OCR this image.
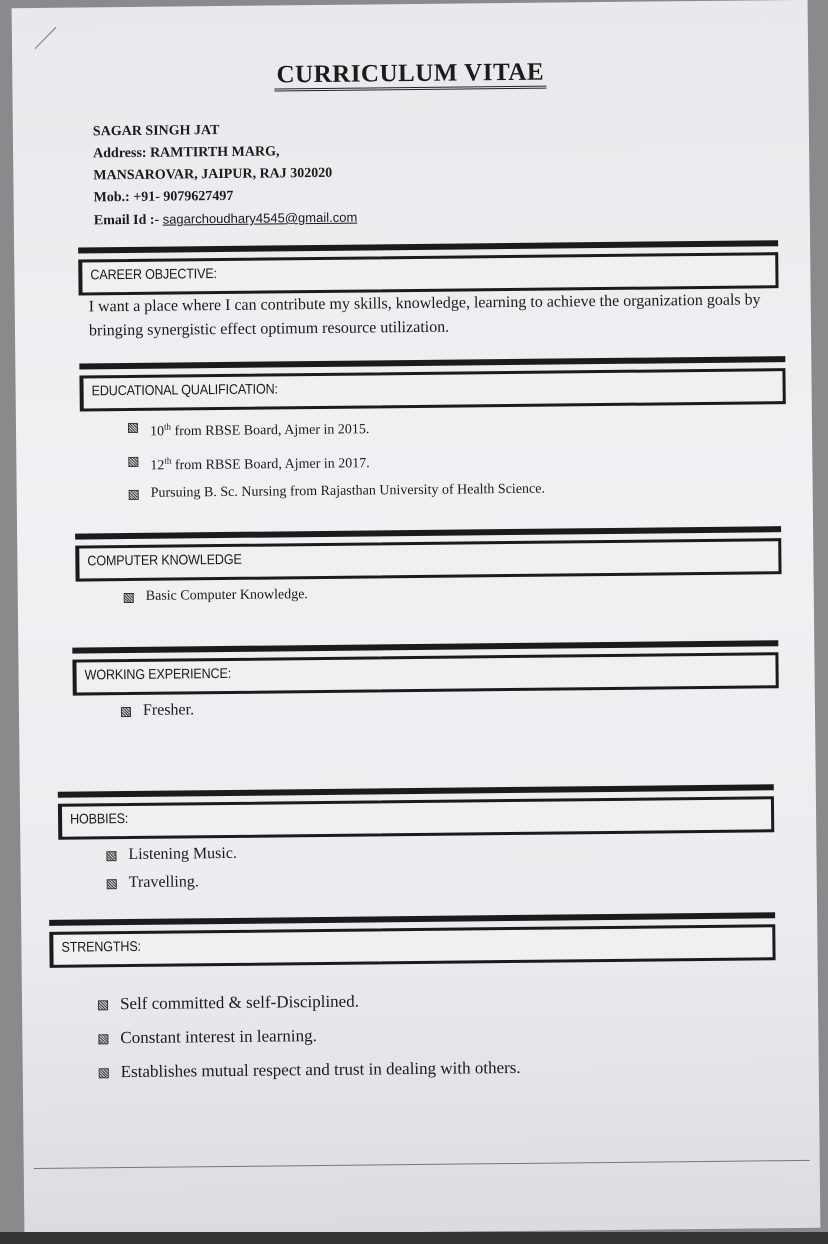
CURRICULUM VITAE
SAGAR SINGH JAT
Address: RAMTIRTH MARG,
MANSAROVAR, JAIPUR, RAJ 302020
Mob.: +91- 9079627497
Email Id :- sagarchoudhary4545@gmail.com
CAREER OBJECTIVE:
I want a place where I can contribute my skills, knowledge, learning to achieve the organization goals by bringing synergistic effect optimum resource utilization.
EDUCATIONAL QUALIFICATION:
10th from RBSE Board, Ajmer in 2015.
12th from RBSE Board, Ajmer in 2017.
Pursuing B. Sc. Nursing from Rajasthan University of Health Science.
COMPUTER KNOWLEDGE
Basic Computer Knowledge.
WORKING EXPERIENCE:
Fresher.
HOBBIES:
Listening Music.
Travelling.
STRENGTHS:
Self committed & self-Disciplined.
Constant interest in learning.
Establishes mutual respect and trust in dealing with others.
